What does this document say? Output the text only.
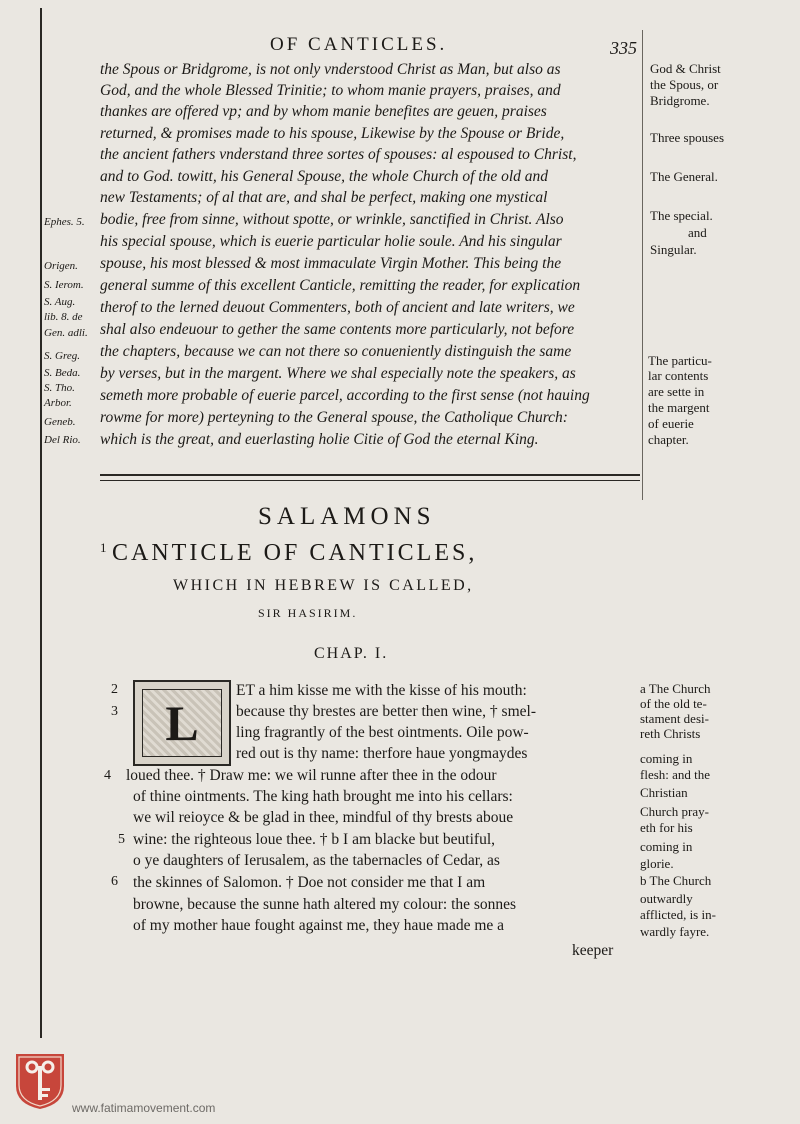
OF CANTICLES.	335
the Spous or Bridgrome, is not only vnderstood Christ as Man, but also as
God, and the whole Blessed Trinitie; to whom manie prayers, praises, and
thankes are offered vp; and by whom manie benefites are geuen, praises
returned, & promises made to his spouse, Likewise by the Spouse or Bride,
the ancient fathers vnderstand three sortes of spouses: al espoused to Christ,
and to God. towitt, his General Spouse, the whole Church of the old and
new Testaments; of al that are, and shal be perfect, making one mystical
bodie, free from sinne, without spotte, or wrinkle, sanctified in Christ. Also
his special spouse, which is euerie particular holie soule. And his singular
spouse, his most blessed & most immaculate Virgin Mother. This being the
general summe of this excellent Canticle, remitting the reader, for explication
therof to the lerned deuout Commenters, both of ancient and late writers, we
shal also endeuour to gether the same contents more particularly, not before
the chapters, because we can not there so conueniently distinguish the same
by verses, but in the margent. Where we shal especially note the speakers, as
semeth more probable of euerie parcel, according to the first sense (not hauing
rowme for more) perteyning to the General spouse, the Catholique Church:
which is the great, and euerlasting holie Citie of God the eternal King.
Ephes. 5.
Origen.
S. Ierom.
S. Aug.
lib. 8. de
Gen. adli.
S. Greg.
S. Beda.
S. Tho.
Arbor.
Geneb.
Del Rio.
God & Christ
the Spous, or
Bridgrome.
Three spouses
The General.
The special.
and
Singular.
The particu-
lar contents
are sette in
the margent
of euerie
chapter.
SALAMONS
1 CANTICLE OF CANTICLES,
WHICH IN HEBREW IS CALLED,
SIR HASIRIM.
CHAP. I.
L
2
3
4
5
6
ET a him kisse me with the kisse of his mouth:
because thy brestes are better then wine, † smel-
ling fragrantly of the best ointments. Oile pow-
red out is thy name: therfore haue yongmaydes
loued thee. † Draw me: we wil runne after thee in the odour
of thine ointments. The king hath brought me into his cellars:
we wil reioyce & be glad in thee, mindful of thy brests aboue
wine: the righteous loue thee. † b I am blacke but beutiful,
o ye daughters of Ierusalem, as the tabernacles of Cedar, as
the skinnes of Salomon. † Doe not consider me that I am
browne, because the sunne hath altered my colour: the sonnes
of my mother haue fought against me, they haue made me a
keeper
a The Church
of the old te-
stament desi-
reth Christs
coming in
flesh: and the
Christian
Church pray-
eth for his
coming in
glorie.
b The Church
outwardly
afflicted, is in-
wardly fayre.
www.fatimamovement.com
